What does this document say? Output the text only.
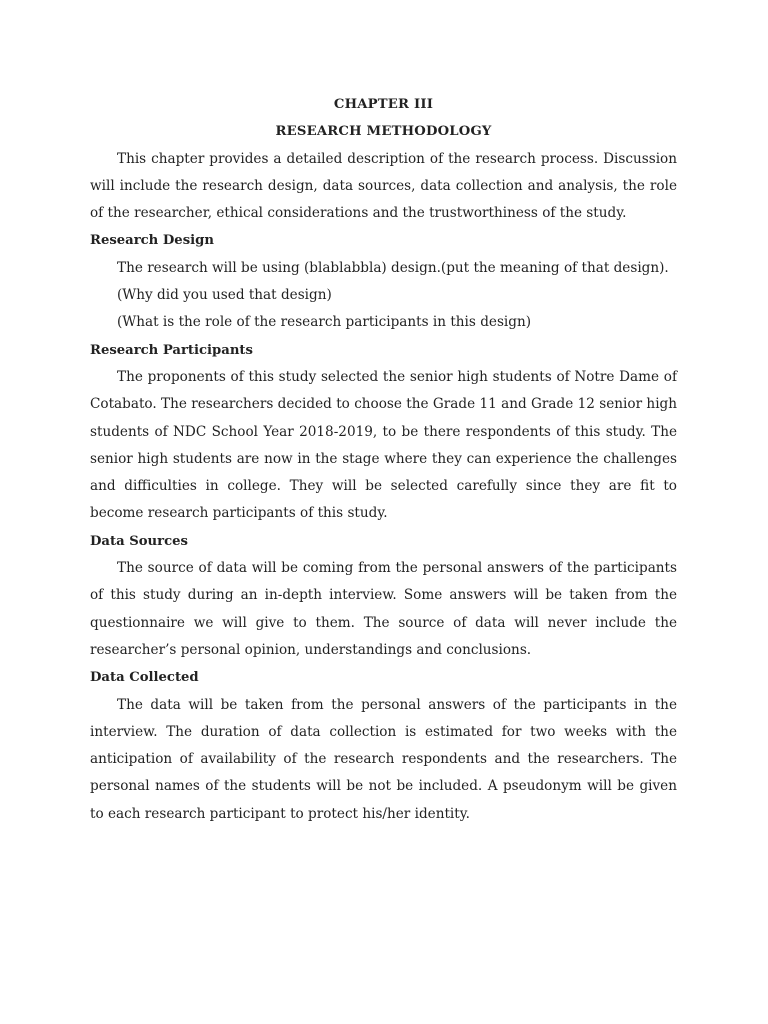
CHAPTER III
RESEARCH METHODOLOGY

This chapter provides a detailed description of the research process. Discussion will include the research design, data sources, data collection and analysis, the role of the researcher, ethical considerations and the trustworthiness of the study.

Research Design

The research will be using (blablabbla) design.(put the meaning of that design).

(Why did you used that design)

(What is the role of the research participants in this design)

Research Participants

The proponents of this study selected the senior high students of Notre Dame of Cotabato. The researchers decided to choose the Grade 11 and Grade 12 senior high students of NDC School Year 2018-2019, to be there respondents of this study. The senior high students are now in the stage where they can experience the challenges and difficulties in college. They will be selected carefully since they are fit to become research participants of this study.

Data Sources

The source of data will be coming from the personal answers of the participants of this study during an in-depth interview. Some answers will be taken from the questionnaire we will give to them. The source of data will never include the researcher’s personal opinion, understandings and conclusions.

Data Collected

The data will be taken from the personal answers of the participants in the interview. The duration of data collection is estimated for two weeks with the anticipation of availability of the research respondents and the researchers. The personal names of the students will be not be included. A pseudonym will be given to each research participant to protect his/her identity.
